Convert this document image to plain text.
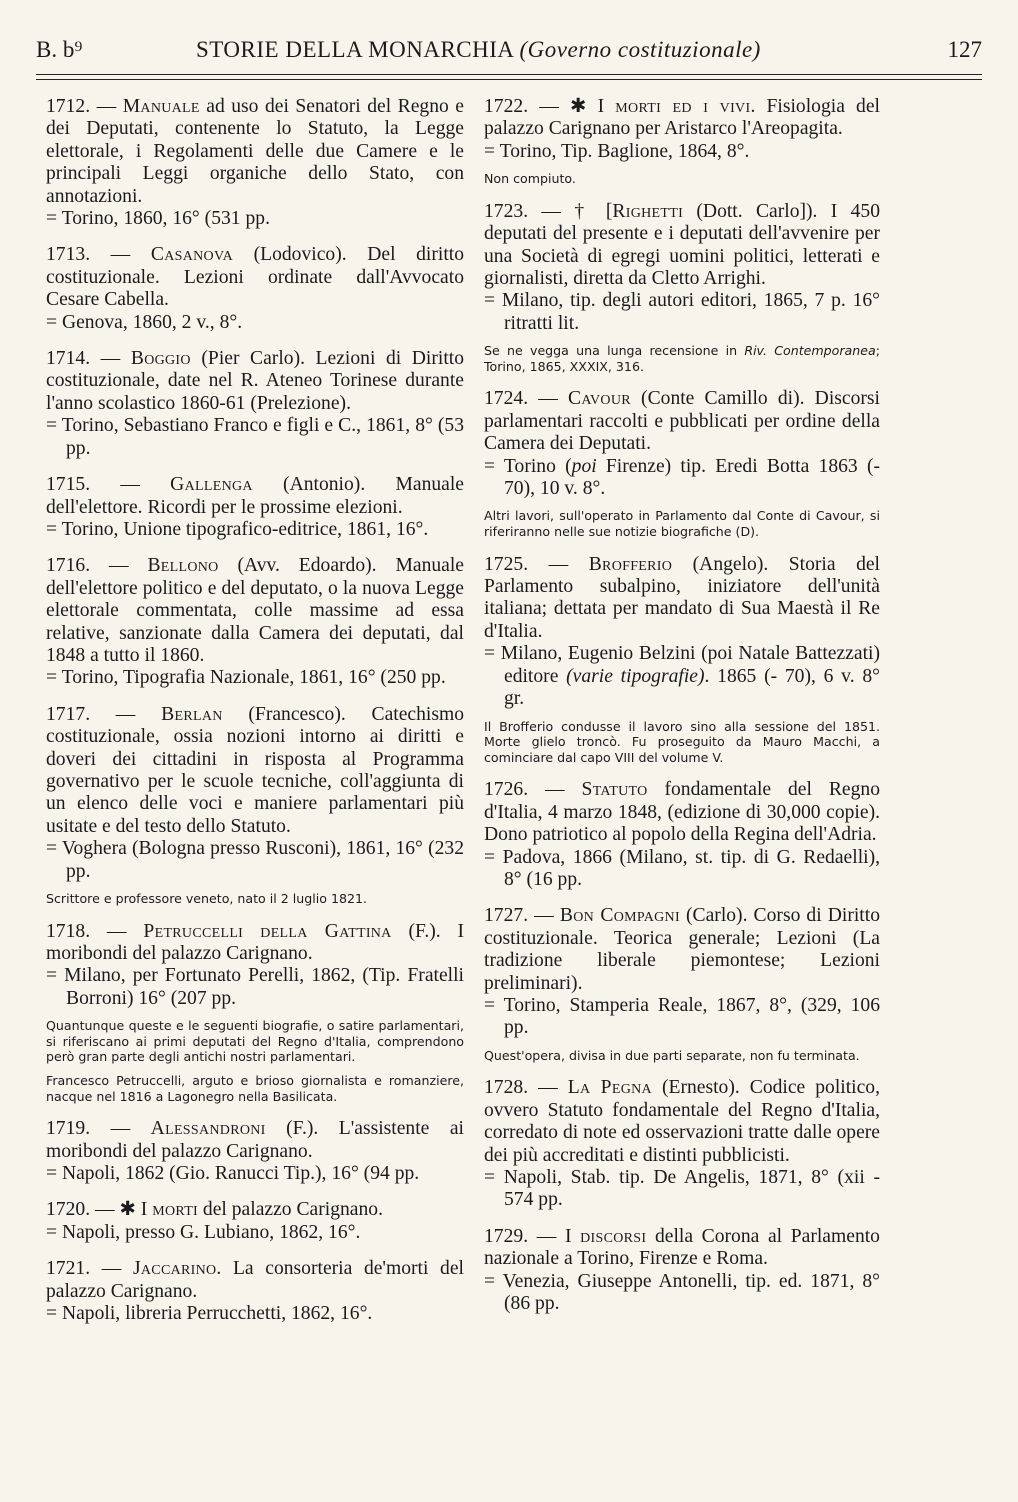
B. b⁹	STORIE DELLA MONARCHIA (Governo costituzionale)	127
1712. — Manuale ad uso dei Senatori del Regno e dei Deputati, contenente lo Statuto, la Legge elettorale, i Regolamenti delle due Camere e le principali Leggi organiche dello Stato, con annotazioni.
= Torino, 1860, 16° (531 pp.
1713. — Casanova (Lodovico). Del diritto costituzionale. Lezioni ordinate dall'Avvocato Cesare Cabella.
= Genova, 1860, 2 v., 8°.
1714. — Boggio (Pier Carlo). Lezioni di Diritto costituzionale, date nel R. Ateneo Torinese durante l'anno scolastico 1860-61 (Prelezione).
= Torino, Sebastiano Franco e figli e C., 1861, 8° (53 pp.
1715. — Gallenga (Antonio). Manuale dell'elettore. Ricordi per le prossime elezioni.
= Torino, Unione tipografico-editrice, 1861, 16°.
1716. — Bellono (Avv. Edoardo). Manuale dell'elettore politico e del deputato, o la nuova Legge elettorale commentata, colle massime ad essa relative, sanzionate dalla Camera dei deputati, dal 1848 a tutto il 1860.
= Torino, Tipografia Nazionale, 1861, 16° (250 pp.
1717. — Berlan (Francesco). Catechismo costituzionale, ossia nozioni intorno ai diritti e doveri dei cittadini in risposta al Programma governativo per le scuole tecniche, coll'aggiunta di un elenco delle voci e maniere parlamentari più usitate e del testo dello Statuto.
= Voghera (Bologna presso Rusconi), 1861, 16° (232 pp.
Scrittore e professore veneto, nato il 2 luglio 1821.
1718. — Petruccelli della Gattina (F.). I moribondi del palazzo Carignano.
= Milano, per Fortunato Perelli, 1862, (Tip. Fratelli Borroni) 16° (207 pp.
Quantunque queste e le seguenti biografie, o satire parlamentari, si riferiscano ai primi deputati del Regno d'Italia, comprendono però gran parte degli antichi nostri parlamentari.
Francesco Petruccelli, arguto e brioso giornalista e romanziere, nacque nel 1816 a Lagonegro nella Basilicata.
1719. — Alessandroni (F.). L'assistente ai moribondi del palazzo Carignano.
= Napoli, 1862 (Gio. Ranucci Tip.), 16° (94 pp.
1720. — ✱ I morti del palazzo Carignano.
= Napoli, presso G. Lubiano, 1862, 16°.
1721. — Jaccarino. La consorteria de'morti del palazzo Carignano.
= Napoli, libreria Perrucchetti, 1862, 16°.
1722. — ✱ I morti ed i vivi. Fisiologia del palazzo Carignano per Aristarco l'Areopagita.
= Torino, Tip. Baglione, 1864, 8°.
Non compiuto.
1723. — † [Righetti (Dott. Carlo]). I 450 deputati del presente e i deputati dell'avvenire per una Società di egregi uomini politici, letterati e giornalisti, diretta da Cletto Arrighi.
= Milano, tip. degli autori editori, 1865, 7 p. 16° ritratti lit.
Se ne vegga una lunga recensione in Riv. Contemporanea; Torino, 1865, XXXIX, 316.
1724. — Cavour (Conte Camillo di). Discorsi parlamentari raccolti e pubblicati per ordine della Camera dei Deputati.
= Torino (poi Firenze) tip. Eredi Botta 1863 (- 70), 10 v. 8°.
Altri lavori, sull'operato in Parlamento dal Conte di Cavour, si riferiranno nelle sue notizie biografiche (D).
1725. — Brofferio (Angelo). Storia del Parlamento subalpino, iniziatore dell'unità italiana; dettata per mandato di Sua Maestà il Re d'Italia.
= Milano, Eugenio Belzini (poi Natale Battezzati) editore (varie tipografie). 1865 (- 70), 6 v. 8° gr.
Il Brofferio condusse il lavoro sino alla sessione del 1851. Morte glielo troncò. Fu proseguito da Mauro Macchi, a cominciare dal capo VIII del volume V.
1726. — Statuto fondamentale del Regno d'Italia, 4 marzo 1848, (edizione di 30,000 copie). Dono patriotico al popolo della Regina dell'Adria.
= Padova, 1866 (Milano, st. tip. di G. Redaelli), 8° (16 pp.
1727. — Bon Compagni (Carlo). Corso di Diritto costituzionale. Teorica generale; Lezioni (La tradizione liberale piemontese; Lezioni preliminari).
= Torino, Stamperia Reale, 1867, 8°, (329, 106 pp.
Quest'opera, divisa in due parti separate, non fu terminata.
1728. — La Pegna (Ernesto). Codice politico, ovvero Statuto fondamentale del Regno d'Italia, corredato di note ed osservazioni tratte dalle opere dei più accreditati e distinti pubblicisti.
= Napoli, Stab. tip. De Angelis, 1871, 8° (xii - 574 pp.
1729. — I discorsi della Corona al Parlamento nazionale a Torino, Firenze e Roma.
= Venezia, Giuseppe Antonelli, tip. ed. 1871, 8° (86 pp.
